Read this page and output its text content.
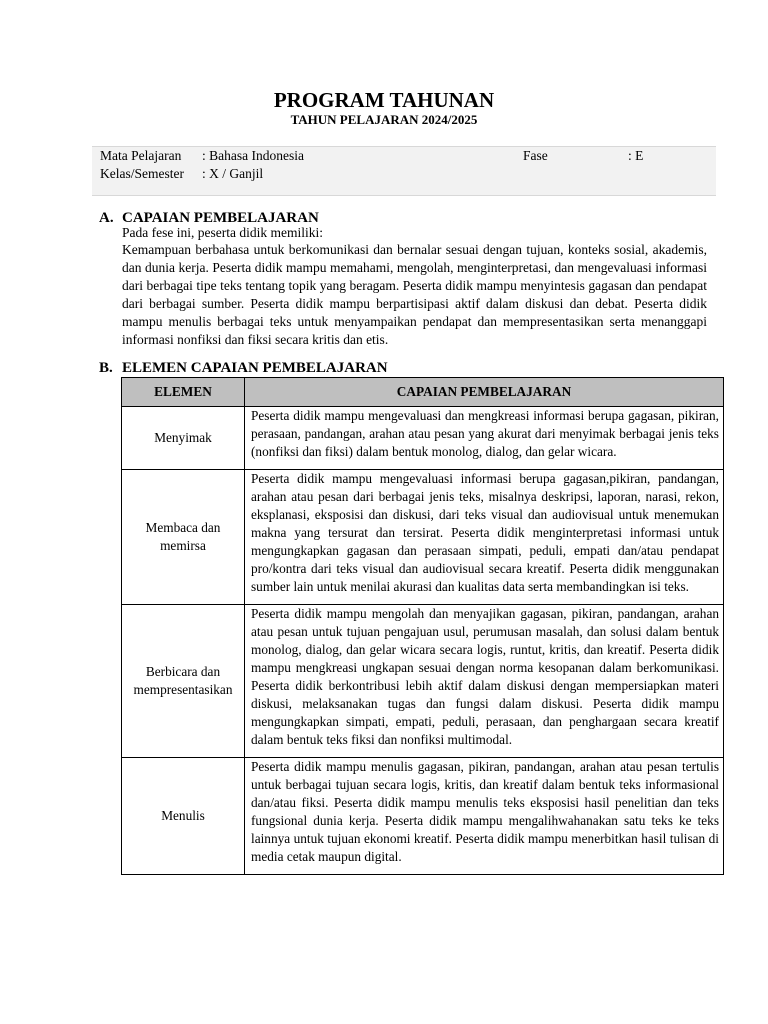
PROGRAM TAHUNAN
TAHUN PELAJARAN 2024/2025
Mata Pelajaran : Bahasa Indonesia	Fase	: E
Kelas/Semester : X / Ganjil
A. CAPAIAN PEMBELAJARAN
Pada fese ini, peserta didik memiliki:
Kemampuan berbahasa untuk berkomunikasi dan bernalar sesuai dengan tujuan, konteks sosial, akademis, dan dunia kerja. Peserta didik mampu memahami, mengolah, menginterpretasi, dan mengevaluasi informasi dari berbagai tipe teks tentang topik yang beragam. Peserta didik mampu menyintesis gagasan dan pendapat dari berbagai sumber. Peserta didik mampu berpartisipasi aktif dalam diskusi dan debat. Peserta didik mampu menulis berbagai teks untuk menyampaikan pendapat dan mempresentasikan serta menanggapi informasi nonfiksi dan fiksi secara kritis dan etis.
B. ELEMEN CAPAIAN PEMBELAJARAN
ELEMEN	CAPAIAN PEMBELAJARAN
Menyimak	Peserta didik mampu mengevaluasi dan mengkreasi informasi berupa gagasan, pikiran, perasaan, pandangan, arahan atau pesan yang akurat dari menyimak berbagai jenis teks (nonfiksi dan fiksi) dalam bentuk monolog, dialog, dan gelar wicara.
Membaca dan memirsa	Peserta didik mampu mengevaluasi informasi berupa gagasan,pikiran, pandangan, arahan atau pesan dari berbagai jenis teks, misalnya deskripsi, laporan, narasi, rekon, eksplanasi, eksposisi dan diskusi, dari teks visual dan audiovisual untuk menemukan makna yang tersurat dan tersirat. Peserta didik menginterpretasi informasi untuk mengungkapkan gagasan dan perasaan simpati, peduli, empati dan/atau pendapat pro/kontra dari teks visual dan audiovisual secara kreatif. Peserta didik menggunakan sumber lain untuk menilai akurasi dan kualitas data serta membandingkan isi teks.
Berbicara dan mempresentasikan	Peserta didik mampu mengolah dan menyajikan gagasan, pikiran, pandangan, arahan atau pesan untuk tujuan pengajuan usul, perumusan masalah, dan solusi dalam bentuk monolog, dialog, dan gelar wicara secara logis, runtut, kritis, dan kreatif. Peserta didik mampu mengkreasi ungkapan sesuai dengan norma kesopanan dalam berkomunikasi. Peserta didik berkontribusi lebih aktif dalam diskusi dengan mempersiapkan materi diskusi, melaksanakan tugas dan fungsi dalam diskusi. Peserta didik mampu mengungkapkan simpati, empati, peduli, perasaan, dan penghargaan secara kreatif dalam bentuk teks fiksi dan nonfiksi multimodal.
Menulis	Peserta didik mampu menulis gagasan, pikiran, pandangan, arahan atau pesan tertulis untuk berbagai tujuan secara logis, kritis, dan kreatif dalam bentuk teks informasional dan/atau fiksi. Peserta didik mampu menulis teks eksposisi hasil penelitian dan teks fungsional dunia kerja. Peserta didik mampu mengalihwahanakan satu teks ke teks lainnya untuk tujuan ekonomi kreatif. Peserta didik mampu menerbitkan hasil tulisan di media cetak maupun digital.
